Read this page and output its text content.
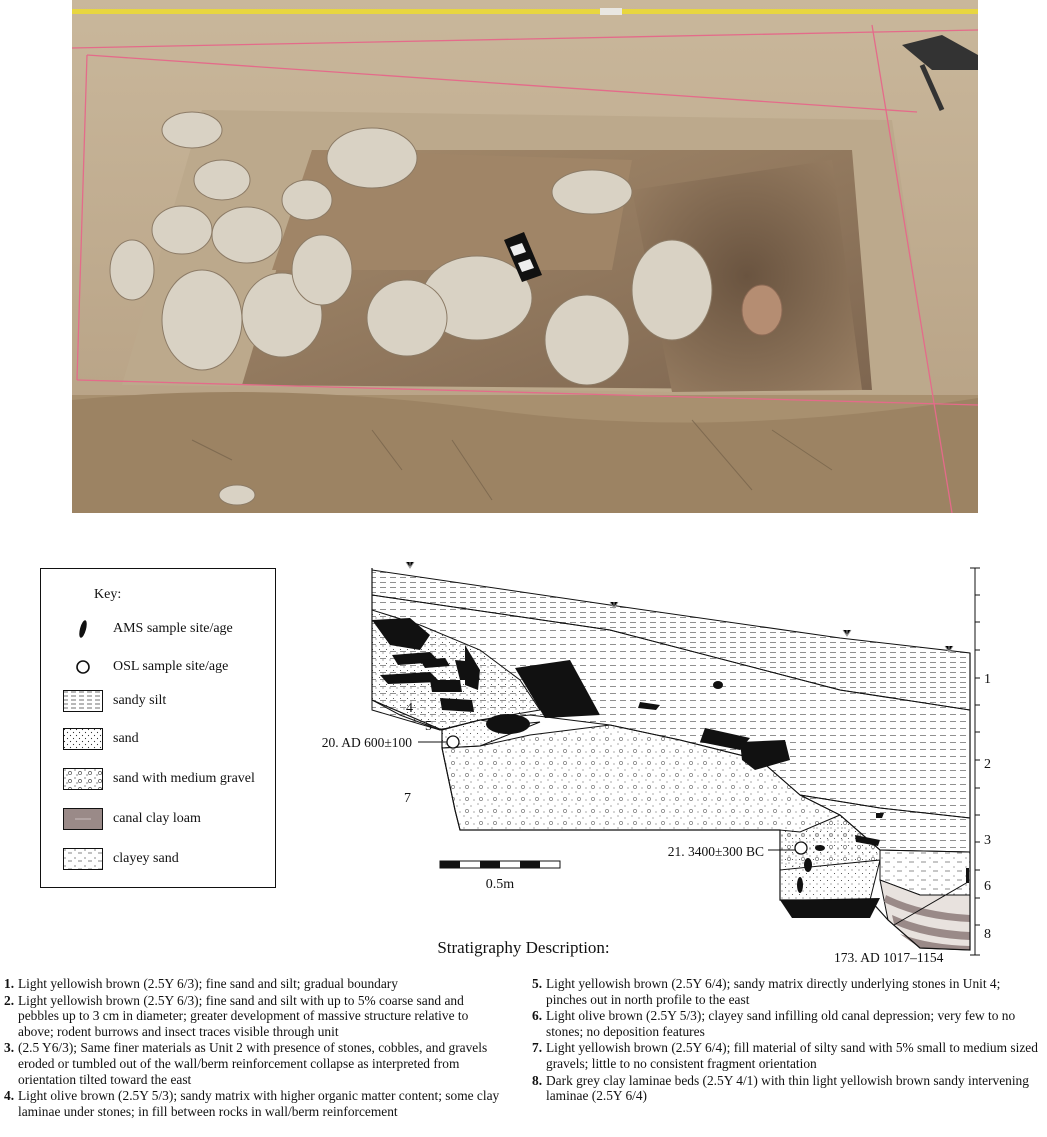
Key:
AMS sample site/age
OSL sample site/age
sandy silt
sand
sand with medium gravel
canal clay loam
clayey sand
1
2
3
4
5
6
7
8
20. AD 600±100
21. 3400±300 BC
173. AD 1017–1154
0.5m
Stratigraphy Description:
1. Light yellowish brown (2.5Y 6/3); fine sand and silt; gradual boundary
2. Light yellowish brown (2.5Y 6/3); fine sand and silt with up to 5% coarse sand and pebbles up to 3 cm in diameter; greater development of massive structure relative to above; rodent burrows and insect traces visible through unit
3. (2.5 Y6/3); Same finer materials as Unit 2 with presence of stones, cobbles, and gravels eroded or tumbled out of the wall/berm reinforcement collapse as interpreted from orientation tilted toward the east
4. Light olive brown (2.5Y 5/3); sandy matrix with higher organic matter content; some clay laminae under stones; in fill between rocks in wall/berm reinforcement
5. Light yellowish brown (2.5Y 6/4); sandy matrix directly underlying stones in Unit 4; pinches out in north profile to the east
6. Light olive brown (2.5Y 5/3); clayey sand infilling old canal depression; very few to no stones; no deposition features
7. Light yellowish brown (2.5Y 6/4); fill material of silty sand with 5% small to medium sized gravels; little to no consistent fragment orientation
8. Dark grey clay laminae beds (2.5Y 4/1) with thin light yellowish brown sandy intervening laminae (2.5Y 6/4)
